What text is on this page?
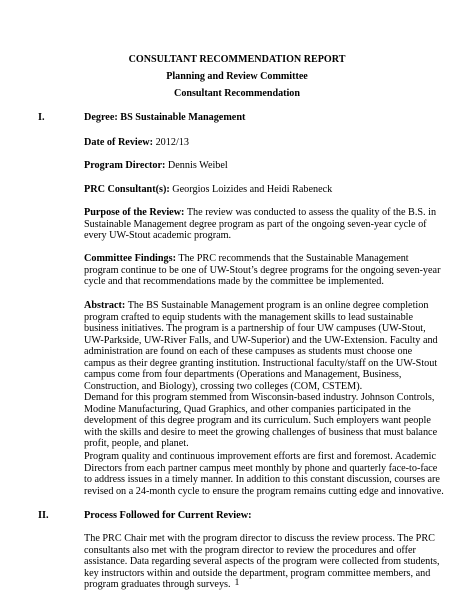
CONSULTANT RECOMMENDATION REPORT
Planning and Review Committee
Consultant Recommendation
I.	Degree: BS Sustainable Management
Date of Review: 2012/13
Program Director: Dennis Weibel
PRC Consultant(s): Georgios Loizides and Heidi Rabeneck

Purpose of the Review: The review was conducted to assess the quality of the B.S. in Sustainable Management degree program as part of the ongoing seven-year cycle of every UW-Stout academic program.

Committee Findings: The PRC recommends that the Sustainable Management program continue to be one of UW-Stout’s degree programs for the ongoing seven-year cycle and that recommendations made by the committee be implemented.

Abstract: The BS Sustainable Management program is an online degree completion program crafted to equip students with the management skills to lead sustainable business initiatives. The program is a partnership of four UW campuses (UW-Stout, UW-Parkside, UW-River Falls, and UW-Superior) and the UW-Extension. Faculty and administration are found on each of these campuses as students must choose one campus as their degree granting institution. Instructional faculty/staff on the UW-Stout campus come from four departments (Operations and Management, Business, Construction, and Biology), crossing two colleges (COM, CSTEM).

Demand for this program stemmed from Wisconsin-based industry. Johnson Controls, Modine Manufacturing, Quad Graphics, and other companies participated in the development of this degree program and its curriculum. Such employers want people with the skills and desire to meet the growing challenges of business that must balance profit, people, and planet.

Program quality and continuous improvement efforts are first and foremost. Academic Directors from each partner campus meet monthly by phone and quarterly face-to-face to address issues in a timely manner. In addition to this constant discussion, courses are revised on a 24-month cycle to ensure the program remains cutting edge and innovative.

II.	Process Followed for Current Review:

The PRC Chair met with the program director to discuss the review process. The PRC consultants also met with the program director to review the procedures and offer assistance. Data regarding several aspects of the program were collected from students, key instructors within and outside the department, program committee members, and program graduates through surveys. 1
